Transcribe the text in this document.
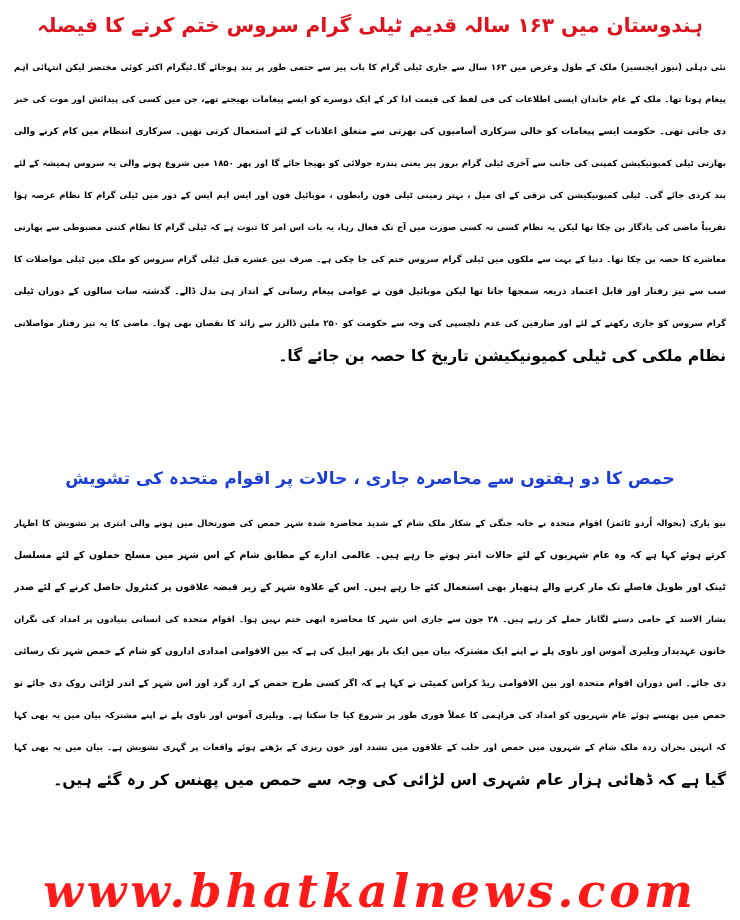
ہندوستان میں ۱۶۳ سالہ قدیم ٹیلی گرام سروس ختم کرنے کا فیصلہ
نئی دہلی (نیوز ایجنسیز) ملک کے طول وعرض میں ۱۶۳ سال سے جاری ٹیلی گرام کا باب پیر سے حتمی طور پر بند ہوجائے گا۔ٹیگرام اکثر کوئی مختصر لیکن انتہائی اہم
پیغام ہوتا تھا۔ ملک کے عام خاندان ایسی اطلاعات کی فی لفظ کی قیمت ادا کر کے ایک دوسرے کو ایسے پیغامات بھیجتے تھے، جن میں کسی کی پیدائش اور موت کی خبر
دی جاتی تھی۔ حکومت ایسے پیغامات کو خالی سرکاری آسامیوں کی بھرتی سے متعلق اعلانات کے لئے استعمال کرتی تھیں۔ سرکاری انتظام میں کام کرنے والی
بھارتی ٹیلی کمیونیکیشن کمپنی کی جانب سے آخری ٹیلی گرام بروز پیر یعنی پندرہ جولائی کو بھیجا جائے گا اور پھر ۱۸۵۰ میں شروع ہونے والی یہ سروس ہمیشہ کے لئے
بند کردی جائے گی۔ ٹیلی کمیونیکیشن کی ترقی کے ای میل ، بہتر زمینی ٹیلی فون رابطوں ، موبائیل فون اور ایس ایم ایس کے دور میں ٹیلی گرام کا نظام عرصہ ہوا
تقریباً ماضی کی یادگار بن چکا تھا لیکن یہ نظام کسی نہ کسی صورت میں آج تک فعال رہا، یہ بات اس امر کا ثبوت ہے کہ ٹیلی گرام کا نظام کتنی مضبوطی سے بھارتی
معاشرے کا حصہ بن چکا تھا۔ دنیا کے بہت سے ملکوں میں ٹیلی گرام سروس ختم کی جا چکی ہے۔ صرف تین عشرے قبل ٹیلی گرام سروس کو ملک میں ٹیلی مواصلات کا
سب سے تیز رفتار اور قابل اعتماد ذریعہ سمجھا جاتا تھا لیکن موبائیل فون نے عوامی پیغام رسانی کے انداز ہی بدل ڈالے۔ گذشتہ سات سالوں کے دوران ٹیلی
گرام سروس کو جاری رکھنے کے لئے اور صارفین کی عدم دلچسپی کی وجہ سے حکومت کو ۲۵۰ ملین ڈالرز سے زائد کا نقصان بھی ہوا۔ ماضی کا یہ تیز رفتار مواصلاتی
نظام ملکی کی ٹیلی کمیونیکیشن تاریخ کا حصہ بن جائے گا۔
حمص کا دو ہفتوں سے محاصرہ جاری ، حالات پر اقوام متحدہ کی تشویش
نیو یارک (بحوالہ اُردو ٹائمز) اقوام متحدہ نے خانہ جنگی کے شکار ملک شام کے شدید محاصرہ شدہ شہر حمص کی صورتحال میں ہونے والی ابتری پر تشویش کا اظہار
کرتے ہوئے کہا ہے کہ وہ عام شہریوں کے لئے حالات ابتر ہوتے جا رہے ہیں۔ عالمی ادارے کے مطابق شام کے اس شہر میں مسلح حملوں کے لئے مسلسل
ٹینک اور طویل فاصلے تک مار کرنے والے ہتھیار بھی استعمال کئے جا رہے ہیں۔ اس کے علاوہ شہر کے زیر قبضہ علاقوں پر کنٹرول حاصل کرنے کے لئے صدر
بشار الاسد کے حامی دستے لگاتار حملے کر رہے ہیں۔ ۲۸ جون سے جاری اس شہر کا محاصرہ ابھی ختم نہیں ہوا۔ اقوام متحدہ کی انسانی بنیادوں پر امداد کی نگران
خاتون عہدیدار ویلیری آموس اور ناوی پلے نے اپنے ایک مشترکہ بیان میں ایک بار پھر اپیل کی ہے کہ بین الاقوامی امدادی اداروں کو شام کے حمص شہر تک رسائی
دی جائے۔ اس دوران اقوام متحدہ اور بین الاقوامی ریڈ کراس کمیٹی نے کہا ہے کہ اگر کسی طرح حمص کے ارد گرد اور اس شہر کے اندر لڑائی روک دی جائے تو
حمص میں پھنسے ہوئے عام شہریوں کو امداد کی فراہمی کا عملاً فوری طور پر شروع کیا جا سکتا ہے۔ ویلیری آموس اور ناوی پلے نے اپنے مشترکہ بیان میں یہ بھی کہا
کہ انہیں بحران زدہ ملک شام کے شہروں میں حمص اور حلب کے علاقوں میں تشدد اور خون ریزی کے بڑھتے ہوئے واقعات پر گہری تشویش ہے۔ بیان میں یہ بھی کہا
گیا ہے کہ ڈھائی ہزار عام شہری اس لڑائی کی وجہ سے حمص میں پھنس کر رہ گئے ہیں۔
www.bhatkalnews.com
